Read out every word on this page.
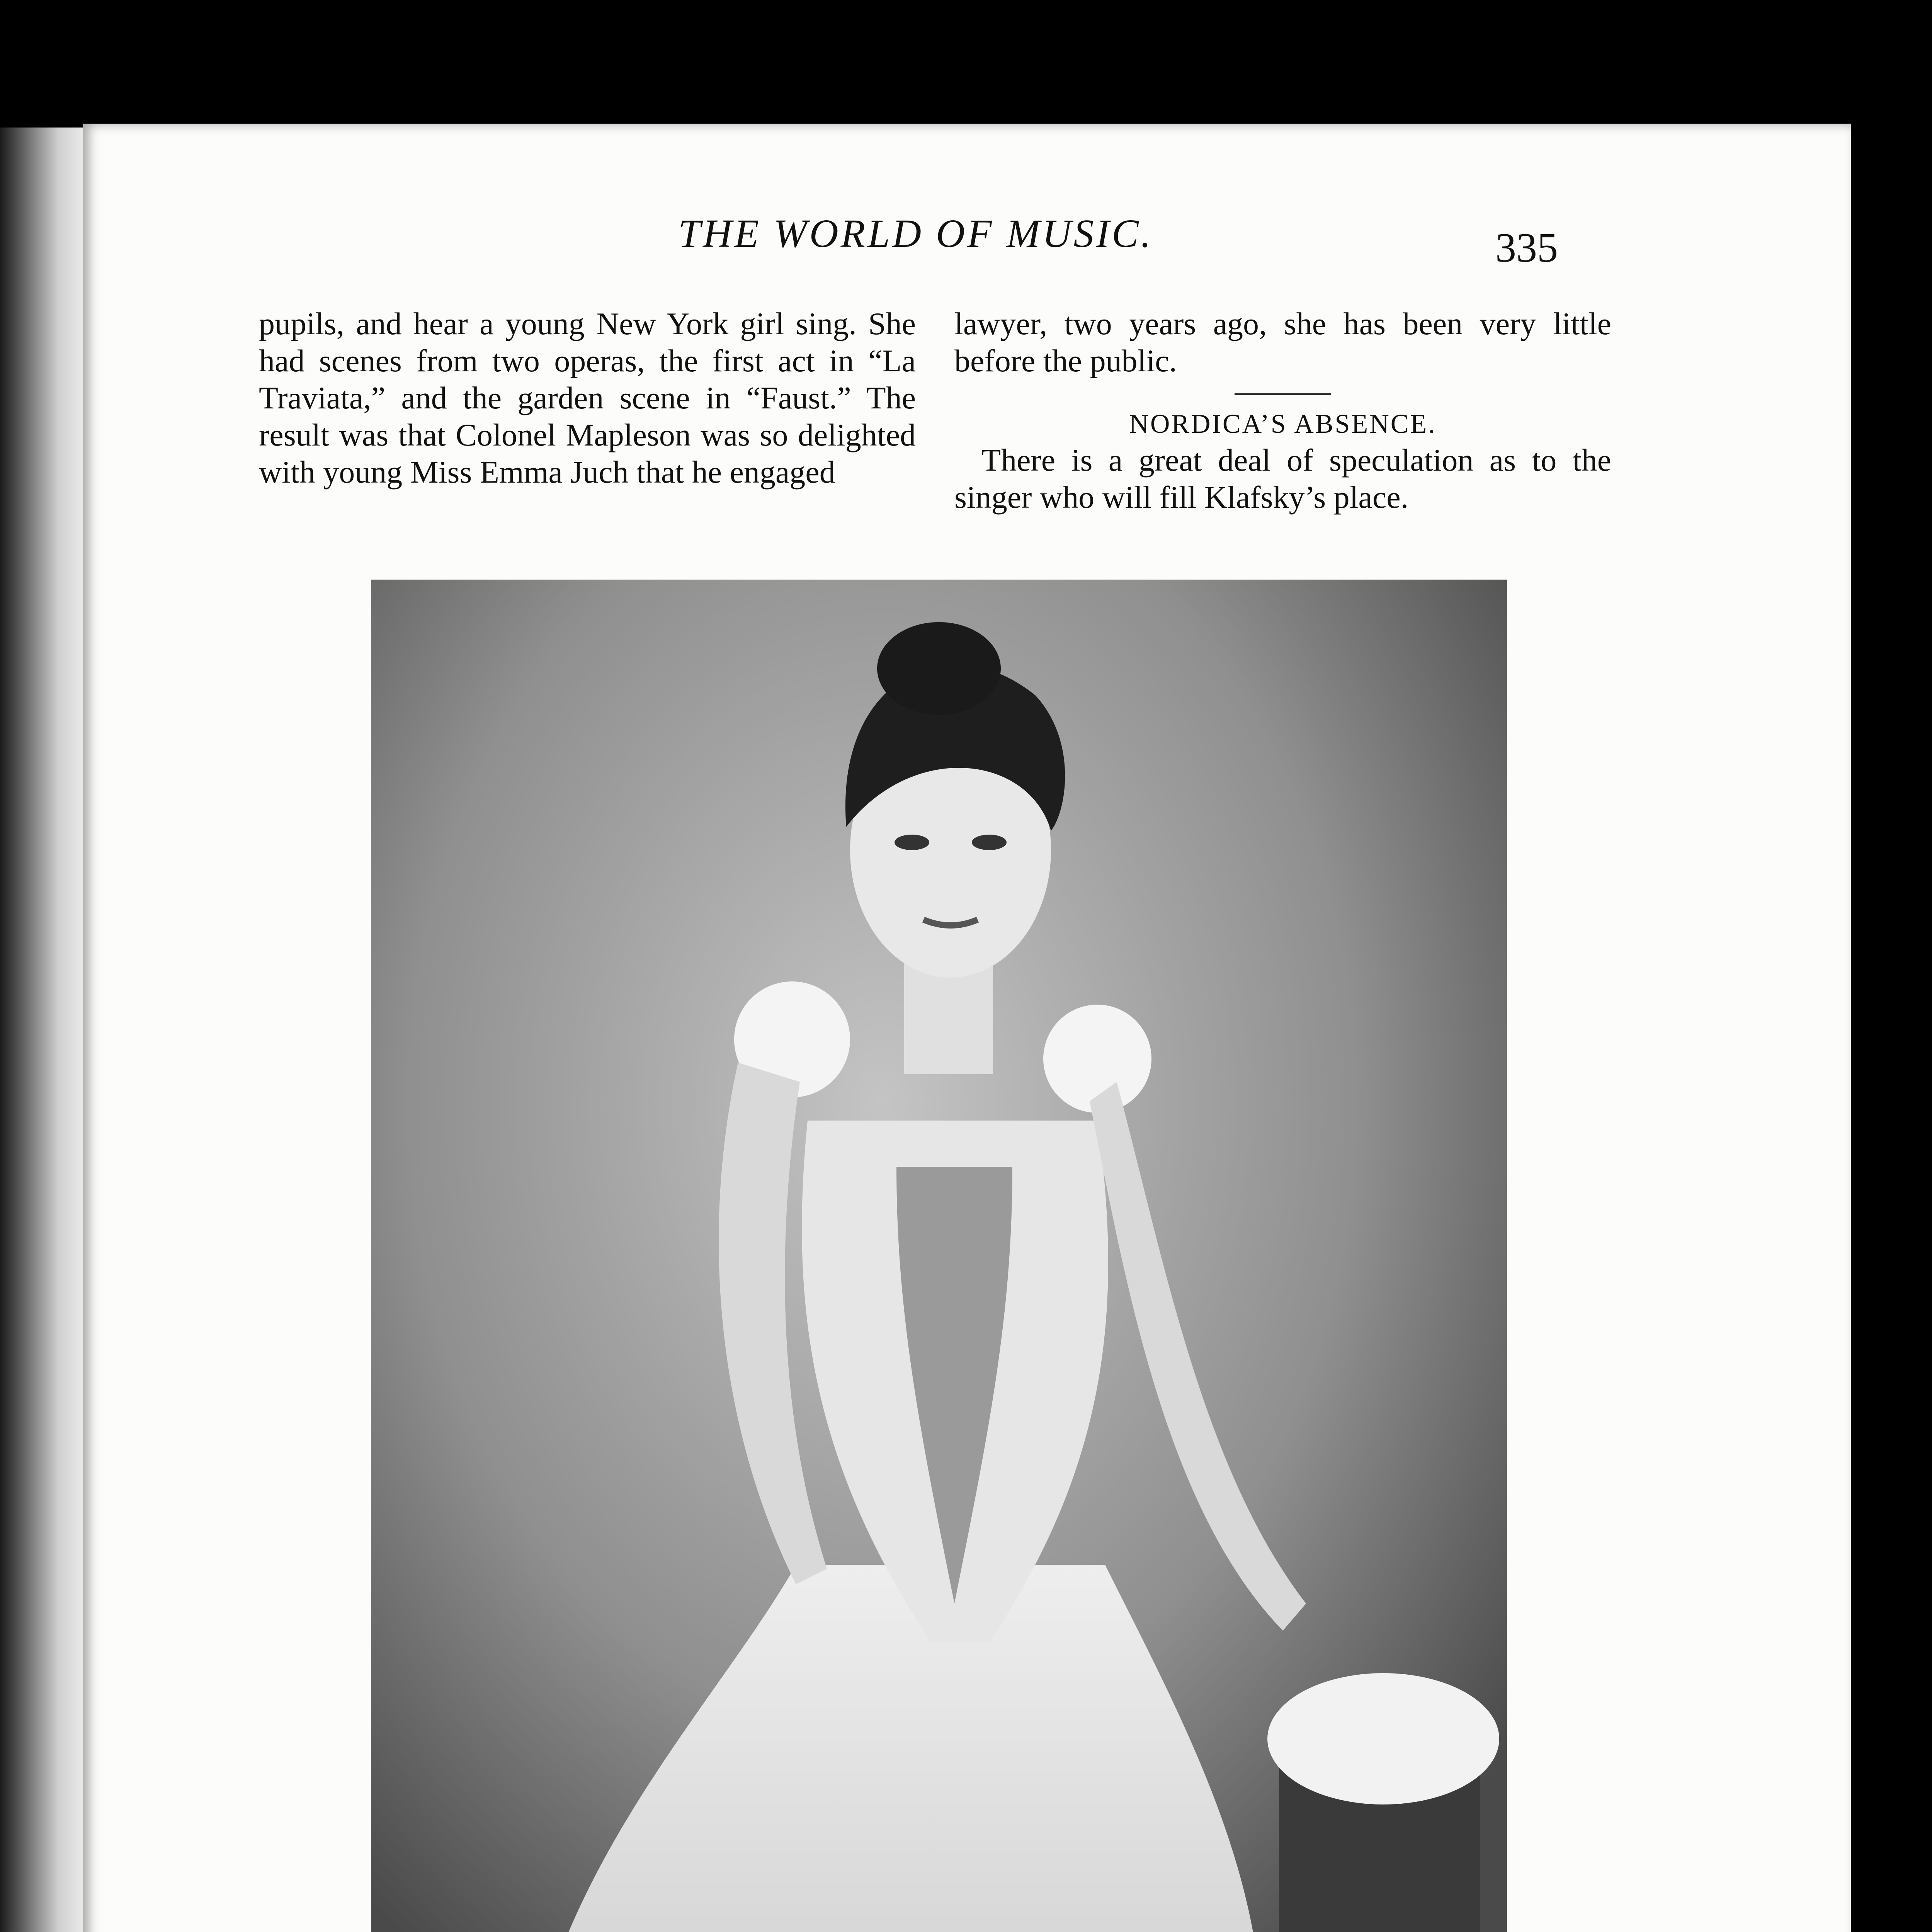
THE WORLD OF MUSIC.	335

pupils, and hear a young New York girl sing. She had scenes from two operas, the first act in “La Traviata,” and the garden scene in “Faust.” The result was that Colonel Mapleson was so delighted with young Miss Emma Juch that he engaged

lawyer, two years ago, she has been very little before the public.

NORDICA’S ABSENCE.

There is a great deal of speculation as to the singer who will fill Klafsky’s place.
